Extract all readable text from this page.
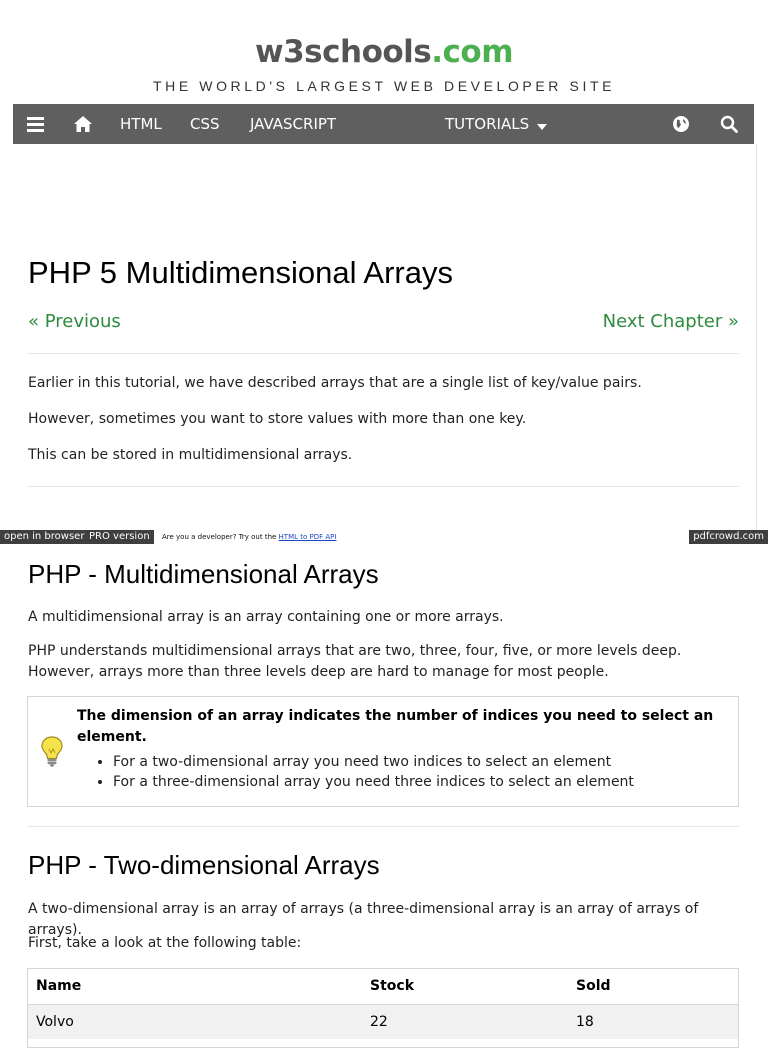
w3schools.com
THE WORLD'S LARGEST WEB DEVELOPER SITE
HTML CSS JAVASCRIPT	TUTORIALS
PHP 5 Multidimensional Arrays
« Previous	Next Chapter »
Earlier in this tutorial, we have described arrays that are a single list of key/value pairs.
However, sometimes you want to store values with more than one key.
This can be stored in multidimensional arrays.
open in browser PRO version	Are you a developer? Try out the HTML to PDF API	pdfcrowd.com
PHP - Multidimensional Arrays
A multidimensional array is an array containing one or more arrays.
PHP understands multidimensional arrays that are two, three, four, five, or more levels deep. However, arrays more than three levels deep are hard to manage for most people.
The dimension of an array indicates the number of indices you need to select an element.
• For a two-dimensional array you need two indices to select an element
• For a three-dimensional array you need three indices to select an element
PHP - Two-dimensional Arrays
A two-dimensional array is an array of arrays (a three-dimensional array is an array of arrays of arrays).
First, take a look at the following table:
Name	Stock	Sold
Volvo	22	18
